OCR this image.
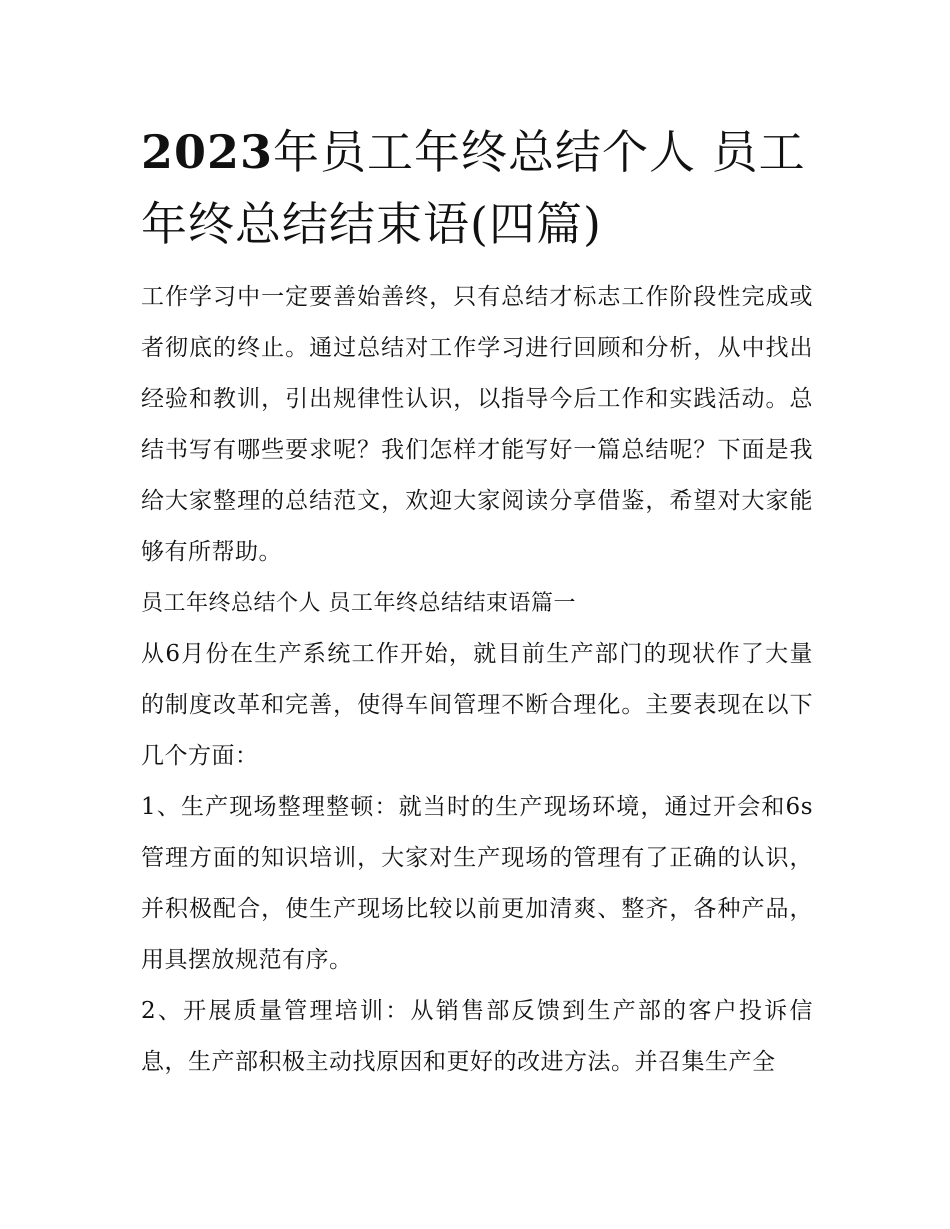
2023年员工年终总结个人 员工年终总结结束语(四篇)

工作学习中一定要善始善终，只有总结才标志工作阶段性完成或者彻底的终止。通过总结对工作学习进行回顾和分析，从中找出经验和教训，引出规律性认识，以指导今后工作和实践活动。总结书写有哪些要求呢？我们怎样才能写好一篇总结呢？下面是我给大家整理的总结范文，欢迎大家阅读分享借鉴，希望对大家能够有所帮助。

员工年终总结个人 员工年终总结结束语篇一

从6月份在生产系统工作开始，就目前生产部门的现状作了大量的制度改革和完善，使得车间管理不断合理化。主要表现在以下几个方面：

1、生产现场整理整顿：就当时的生产现场环境，通过开会和6s管理方面的知识培训，大家对生产现场的管理有了正确的认识，并积极配合，使生产现场比较以前更加清爽、整齐，各种产品，用具摆放规范有序。

2、开展质量管理培训：从销售部反馈到生产部的客户投诉信息，生产部积极主动找原因和更好的改进方法。并召集生产全
